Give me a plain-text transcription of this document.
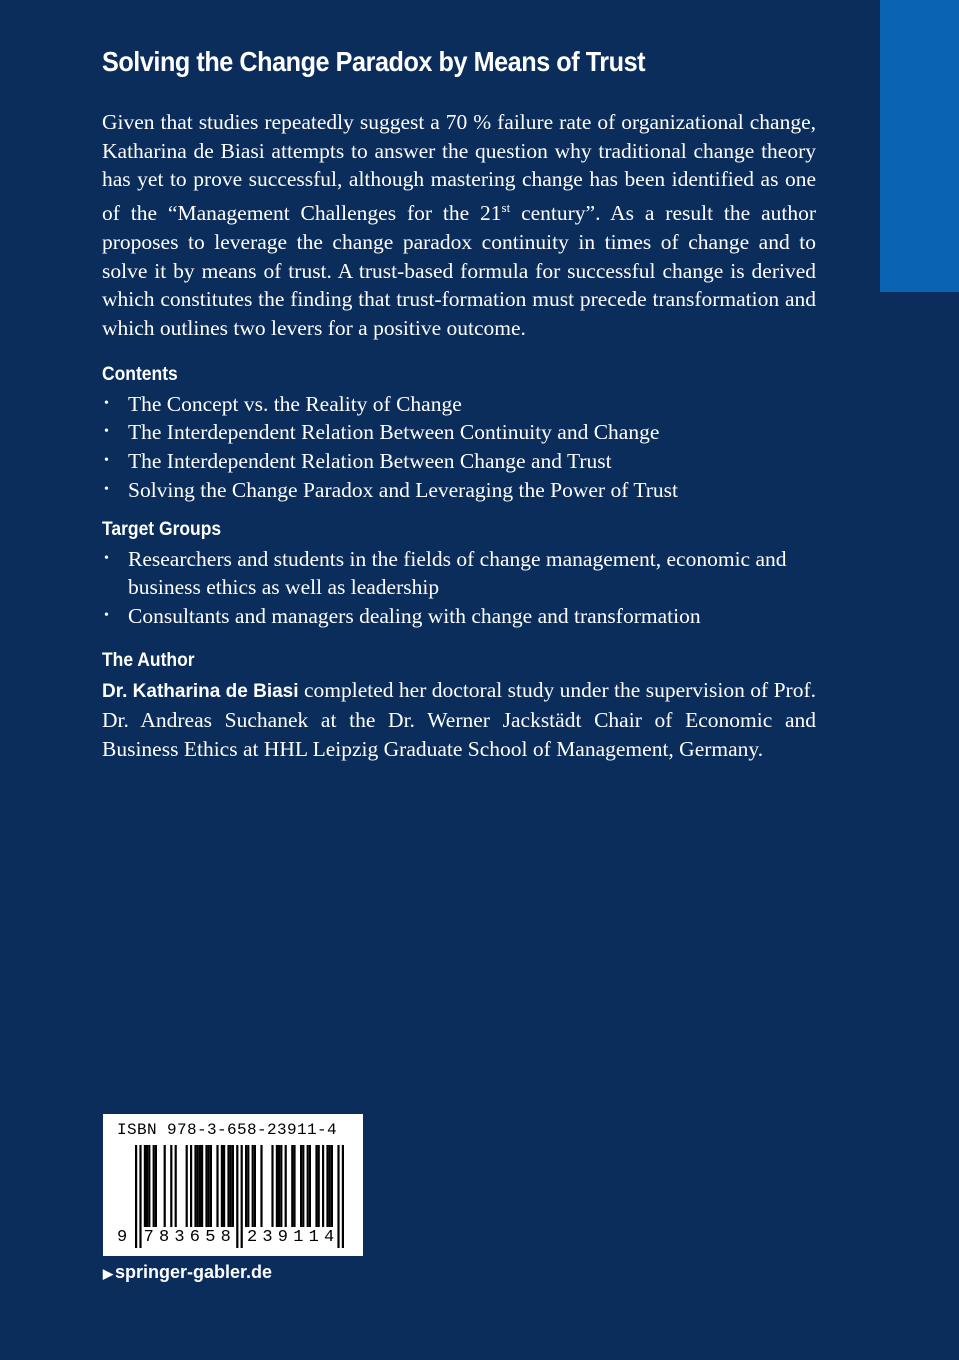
Solving the Change Paradox by Means of Trust

Given that studies repeatedly suggest a 70 % failure rate of organizational change, Katharina de Biasi attempts to answer the question why traditional change theory has yet to prove successful, although mastering change has been identified as one of the “Management Challenges for the 21st century”. As a result the author proposes to leverage the change paradox continuity in times of change and to solve it by means of trust. A trust-based formula for successful change is derived which constitutes the finding that trust-formation must precede transformation and which outlines two levers for a positive outcome.

Contents
• The Concept vs. the Reality of Change
• The Interdependent Relation Between Continuity and Change
• The Interdependent Relation Between Change and Trust
• Solving the Change Paradox and Leveraging the Power of Trust
Target Groups
• Researchers and students in the fields of change management, economic and business ethics as well as leadership
• Consultants and managers dealing with change and transformation
The Author

Dr. Katharina de Biasi completed her doctoral study under the supervision of Prof. Dr. Andreas Suchanek at the Dr. Werner Jackstädt Chair of Economic and Business Ethics at HHL Leipzig Graduate School of Management, Germany.

ISBN 978-3-658-23911-4
9 7 8 3 6 5 8 2 3 9 1 1 4
▶ springer-gabler.de
